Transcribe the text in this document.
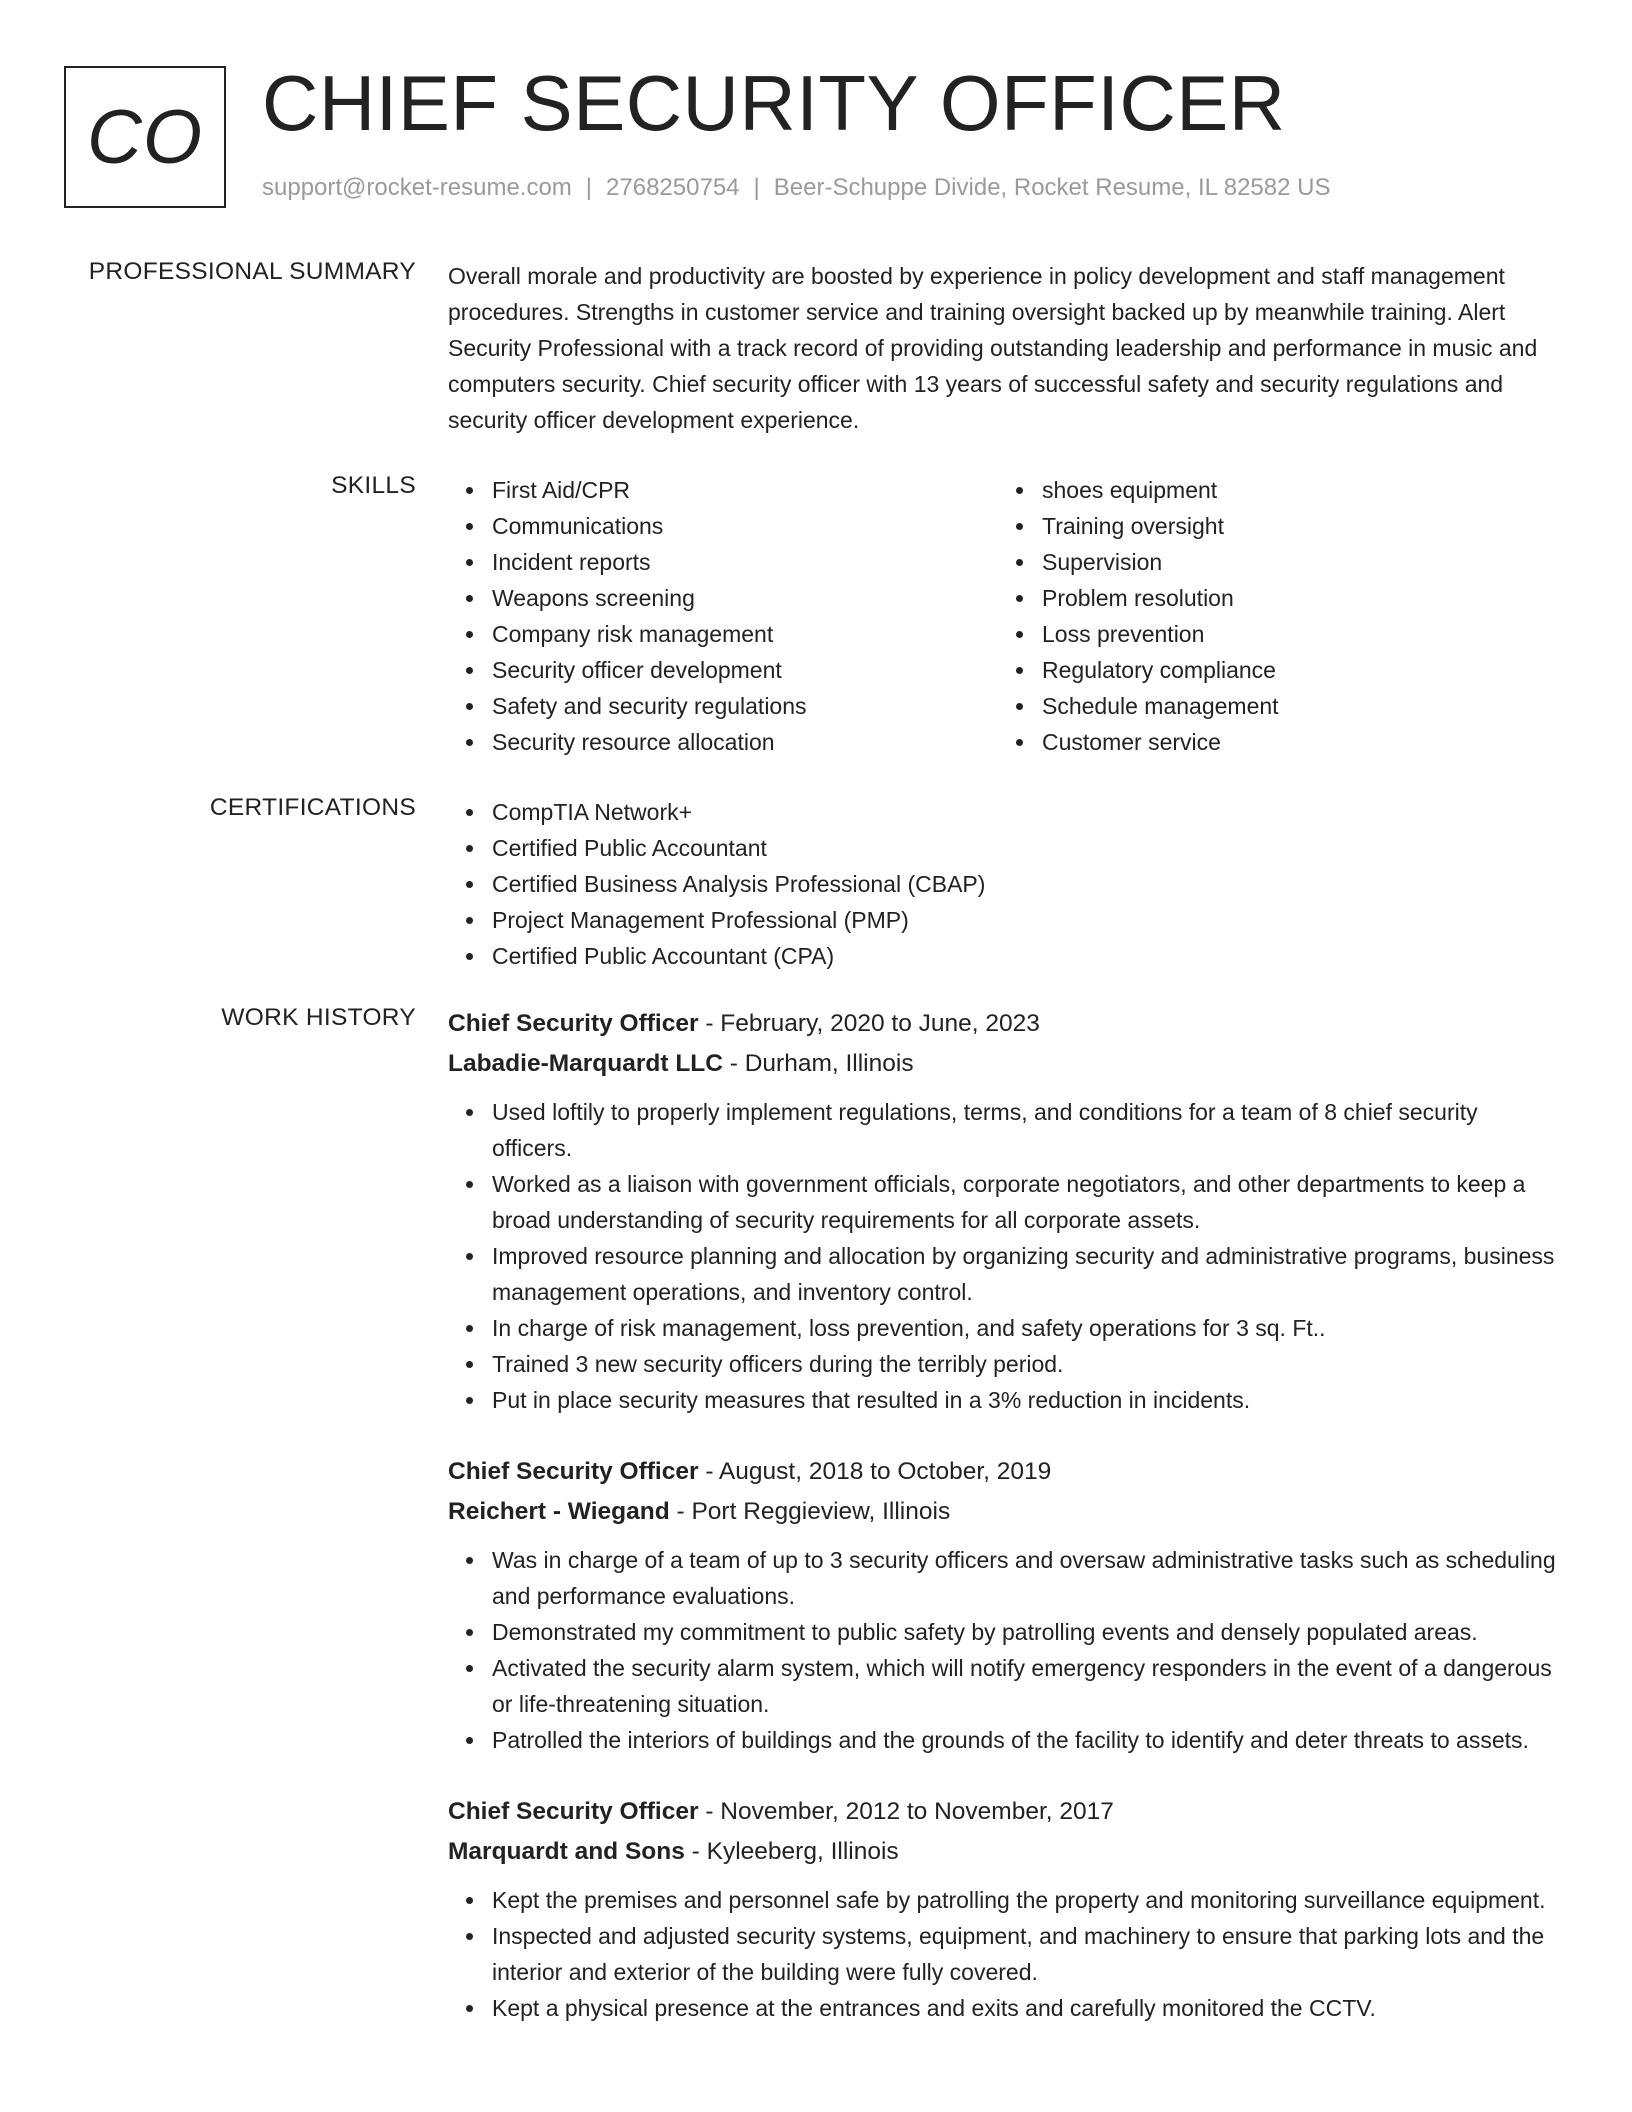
CO CHIEF SECURITY OFFICER
support@rocket-resume.com | 2768250754 | Beer-Schuppe Divide, Rocket Resume, IL 82582 US
PROFESSIONAL SUMMARY Overall morale and productivity are boosted by experience in policy development and staff management procedures. Strengths in customer service and training oversight backed up by meanwhile training. Alert Security Professional with a track record of providing outstanding leadership and performance in music and computers security. Chief security officer with 13 years of successful safety and security regulations and security officer development experience.

SKILLS	First Aid/CPR
Communications
Incident reports
Weapons screening
Company risk management
Security officer development
Safety and security regulations
Security resource allocation
shoes equipment
Training oversight
Supervision
Problem resolution
Loss prevention
Regulatory compliance
Schedule management
Customer service
CERTIFICATIONS	CompTIA Network+
Certified Public Accountant
Certified Business Analysis Professional (CBAP)
Project Management Professional (PMP)
Certified Public Accountant (CPA)
WORK HISTORY Chief Security Officer - February, 2020 to June, 2023
Labadie-Marquardt LLC - Durham, Illinois
Used loftily to properly implement regulations, terms, and conditions for a team of 8 chief security officers.
Worked as a liaison with government officials, corporate negotiators, and other departments to keep a broad understanding of security requirements for all corporate assets.
Improved resource planning and allocation by organizing security and administrative programs, business management operations, and inventory control.
In charge of risk management, loss prevention, and safety operations for 3 sq. Ft..
Trained 3 new security officers during the terribly period.
Put in place security measures that resulted in a 3% reduction in incidents.
Chief Security Officer - August, 2018 to October, 2019
Reichert - Wiegand - Port Reggieview, Illinois
Was in charge of a team of up to 3 security officers and oversaw administrative tasks such as scheduling and performance evaluations.
Demonstrated my commitment to public safety by patrolling events and densely populated areas.
Activated the security alarm system, which will notify emergency responders in the event of a dangerous or life-threatening situation.
Patrolled the interiors of buildings and the grounds of the facility to identify and deter threats to assets.
Chief Security Officer - November, 2012 to November, 2017
Marquardt and Sons - Kyleeberg, Illinois
Kept the premises and personnel safe by patrolling the property and monitoring surveillance equipment.
Inspected and adjusted security systems, equipment, and machinery to ensure that parking lots and the interior and exterior of the building were fully covered.
Kept a physical presence at the entrances and exits and carefully monitored the CCTV.
